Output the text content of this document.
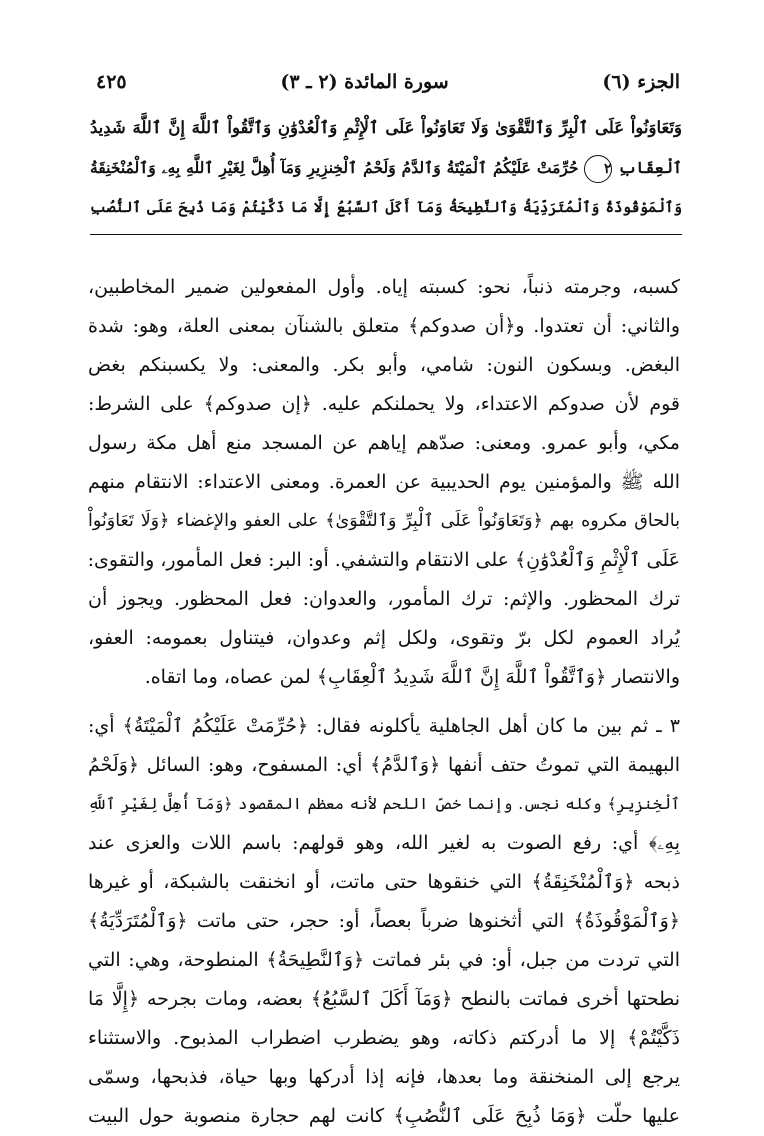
الجزء (٦)
سورة المائدة (٢ ـ ٣)
٤٢٥

وَتَعَاوَنُواْ عَلَى ٱلْبِرِّ وَٱلتَّقْوَىٰ وَلَا تَعَاوَنُواْ عَلَى ٱلْإِثْمِ وَٱلْعُدْوَٰنِ وَٱتَّقُواْ ٱللَّهَ إِنَّ ٱللَّهَ شَدِيدُ

ٱلْعِقَابِ ٢ حُرِّمَتْ عَلَيْكُمُ ٱلْمَيْتَةُ وَٱلدَّمُ وَلَحْمُ ٱلْخِنزِيرِ وَمَآ أُهِلَّ لِغَيْرِ ٱللَّهِ بِهِۦ وَٱلْمُنْخَنِقَةُ

وَٱلْمَوْقُوذَةُ وَٱلْمُتَرَدِّيَةُ وَٱلنَّطِيحَةُ وَمَآ أَكَلَ ٱلسَّبُعُ إِلَّا مَا ذَكَّيْتُمْ وَمَا ذُبِحَ عَلَى ٱلنُّصُبِ

كسبه، وجرمته ذنباً، نحو: كسبته إياه. وأول المفعولين ضمير المخاطبين،

والثاني: أن تعتدوا. و﴿أن صدوكم﴾ متعلق بالشنآن بمعنى العلة، وهو: شدة

البغض. وبسكون النون: شامي، وأبو بكر. والمعنى: ولا يكسبنكم بغض

قوم لأن صدوكم الاعتداء، ولا يحملنكم عليه. ﴿إن صدوكم﴾ على الشرط:

مكي، وأبو عمرو. ومعنى: صدّهم إياهم عن المسجد منع أهل مكة رسول

الله ﷺ والمؤمنين يوم الحديبية عن العمرة. ومعنى الاعتداء: الانتقام منهم

بالحاق مكروه بهم ﴿وَتَعَاوَنُواْ عَلَى ٱلْبِرِّ وَٱلتَّقْوَىٰ﴾ على العفو والإغضاء ﴿وَلَا تَعَاوَنُواْ

عَلَى ٱلْإِثْمِ وَٱلْعُدْوَٰنِ﴾ على الانتقام والتشفي. أو: البر: فعل المأمور، والتقوى:

ترك المحظور. والإثم: ترك المأمور، والعدوان: فعل المحظور. ويجوز أن

يُراد العموم لكل برّ وتقوى، ولكل إثم وعدوان، فيتناول بعمومه: العفو،

والانتصار ﴿وَٱتَّقُواْ ٱللَّهَ إِنَّ ٱللَّهَ شَدِيدُ ٱلْعِقَابِ﴾ لمن عصاه، وما اتقاه.

٣ ـ ثم بين ما كان أهل الجاهلية يأكلونه فقال: ﴿حُرِّمَتْ عَلَيْكُمُ ٱلْمَيْتَةُ﴾ أي:

البهيمة التي تموتُ حتف أنفها ﴿وَٱلدَّمُ﴾ أي: المسفوح، وهو: السائل ﴿وَلَحْمُ

ٱلْخِنزِيرِ﴾ وكله نجس. وإنما خصّ اللحم لأنه معظم المقصود ﴿وَمَآ أُهِلَّ لِغَيْرِ ٱللَّهِ

بِهِۦ﴾ أي: رفع الصوت به لغير الله، وهو قولهم: باسم اللات والعزى عند

ذبحه ﴿وَٱلْمُنْخَنِقَةُ﴾ التي خنقوها حتى ماتت، أو انخنقت بالشبكة، أو غيرها

﴿وَٱلْمَوْقُوذَةُ﴾ التي أثخنوها ضرباً بعصاً، أو: حجر، حتى ماتت ﴿وَٱلْمُتَرَدِّيَةُ﴾

التي تردت من جبل، أو: في بئر فماتت ﴿وَٱلنَّطِيحَةُ﴾ المنطوحة، وهي: التي

نطحتها أخرى فماتت بالنطح ﴿وَمَآ أَكَلَ ٱلسَّبُعُ﴾ بعضه، ومات بجرحه ﴿إِلَّا مَا

ذَكَّيْتُمْ﴾ إلا ما أدركتم ذكاته، وهو يضطرب اضطراب المذبوح. والاستثناء

يرجع إلى المنخنقة وما بعدها، فإنه إذا أدركها وبها حياة، فذبحها، وسمّى

عليها حلّت ﴿وَمَا ذُبِحَ عَلَى ٱلنُّصُبِ﴾ كانت لهم حجارة منصوبة حول البيت
